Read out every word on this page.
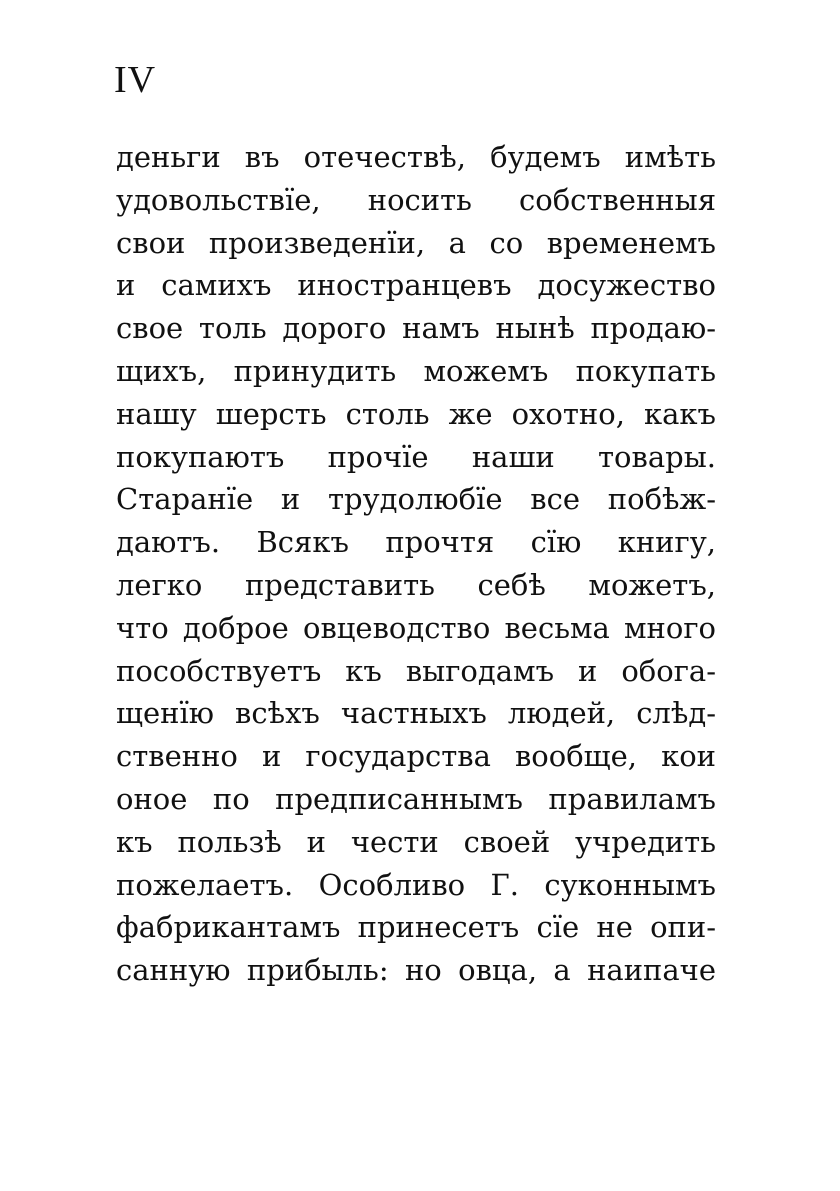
IV
деньги въ отечествѣ, будемъ имѣть
удовольствïе, носить собственныя
свои произведенïи, а со временемъ
и самихъ иностранцевъ досужество
свое толь дорого намъ нынѣ продаю-
щихъ, принудить можемъ покупать
нашу шерсть столь же охотно, какъ
покупаютъ прочïе наши товары.
Старанïе и трудолюбïе все побѣж-
даютъ. Всякъ прочтя сïю книгу,
легко представить себѣ можетъ,
что доброе овцеводство весьма много
пособствуетъ къ выгодамъ и обога-
щенïю всѣхъ частныхъ людей, слѣд-
ственно и государства вообще, кои
оное по предписаннымъ правиламъ
къ пользѣ и чести своей учредить
пожелаетъ. Особливо Г. суконнымъ
фабрикантамъ принесетъ сïе не опи-
санную прибыль: но овца, а наипаче
